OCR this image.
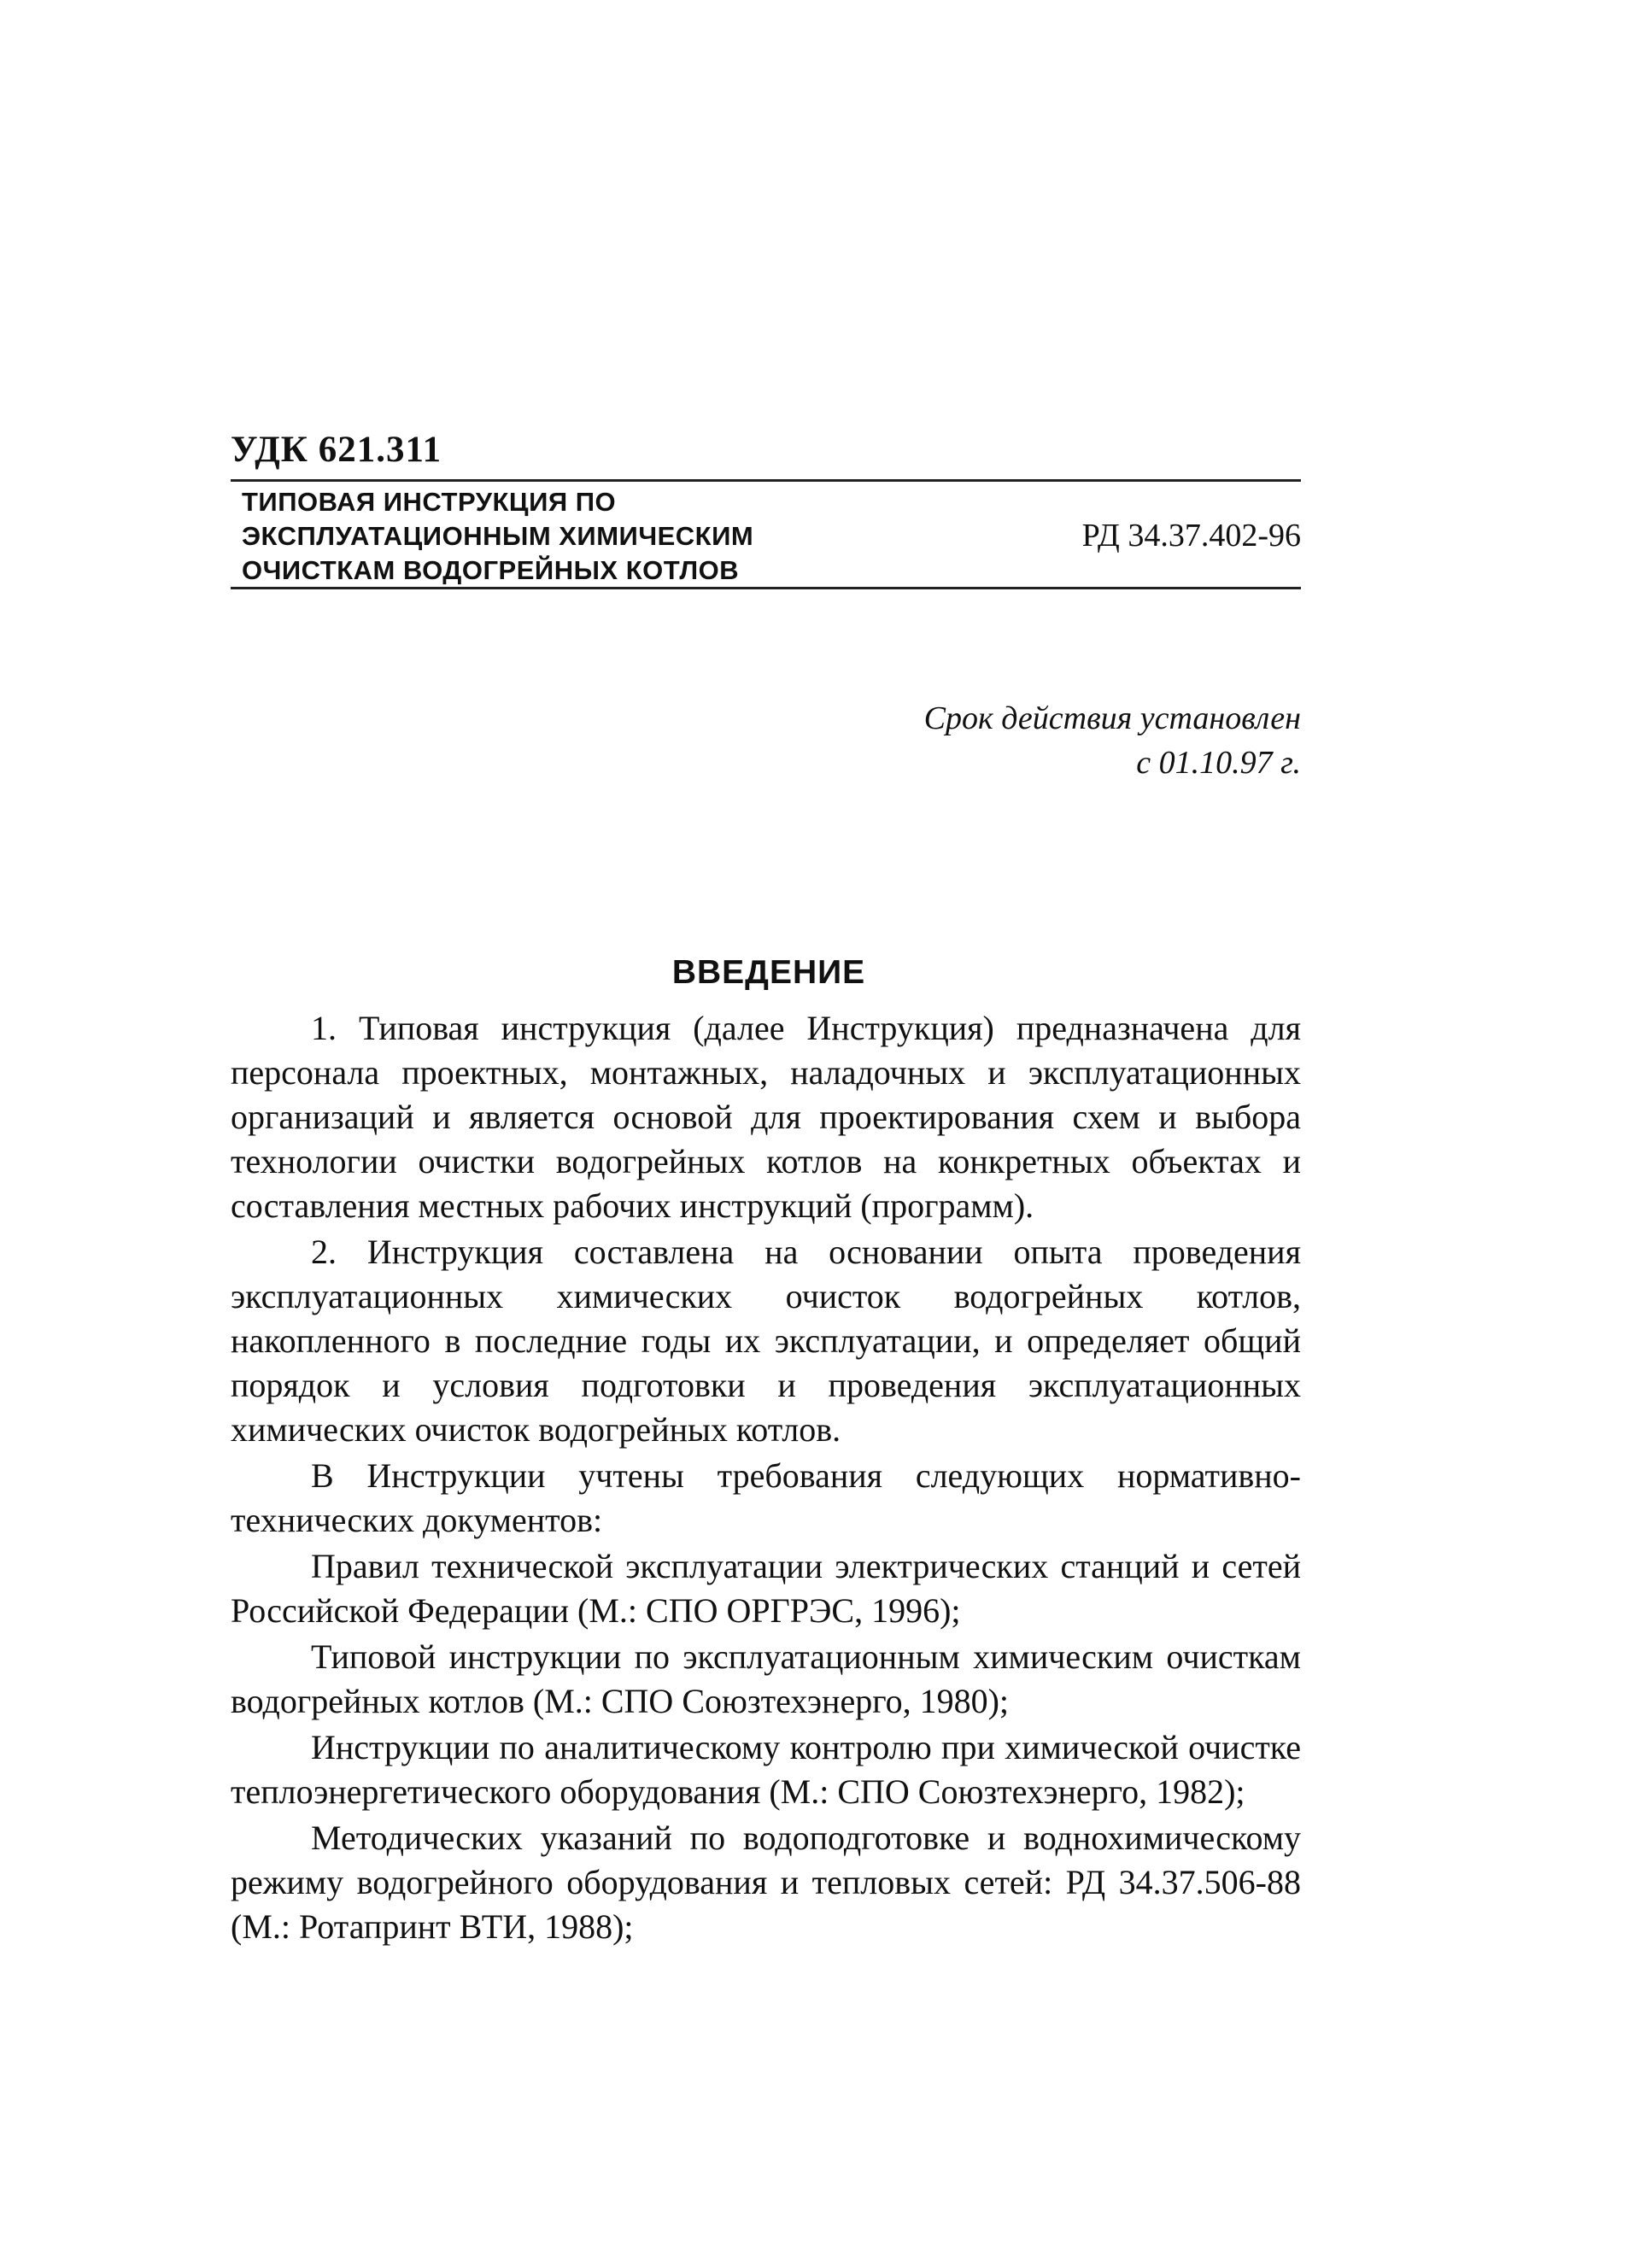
УДК 621.311
ТИПОВАЯ ИНСТРУКЦИЯ ПО
ЭКСПЛУАТАЦИОННЫМ ХИМИЧЕСКИМ
ОЧИСТКАМ ВОДОГРЕЙНЫХ КОТЛОВ
РД 34.37.402-96
Срок действия установлен
с 01.10.97 г.
ВВЕДЕНИЕ

1. Типовая инструкция (далее Инструкция) предназначена для персонала проектных, монтажных, наладочных и эксплуатационных организаций и является основой для проектирования схем и выбора технологии очистки водогрейных котлов на конкретных объектах и составления местных рабочих инструкций (программ).

2. Инструкция составлена на основании опыта проведения эксплуатационных химических очисток водогрейных котлов, накопленного в последние годы их эксплуатации, и определяет общий порядок и условия подготовки и проведения эксплуатационных химических очисток водогрейных котлов.

В Инструкции учтены требования следующих нормативно-технических документов:

Правил технической эксплуатации электрических станций и сетей Российской Федерации (М.: СПО ОРГРЭС, 1996);

Типовой инструкции по эксплуатационным химическим очисткам водогрейных котлов (М.: СПО Союзтехэнерго, 1980);

Инструкции по аналитическому контролю при химической очистке теплоэнергетического оборудования (М.: СПО Союзтехэнерго, 1982);

Методических указаний по водоподготовке и воднохимическому режиму водогрейного оборудования и тепловых сетей: РД 34.37.506-88 (М.: Ротапринт ВТИ, 1988);
